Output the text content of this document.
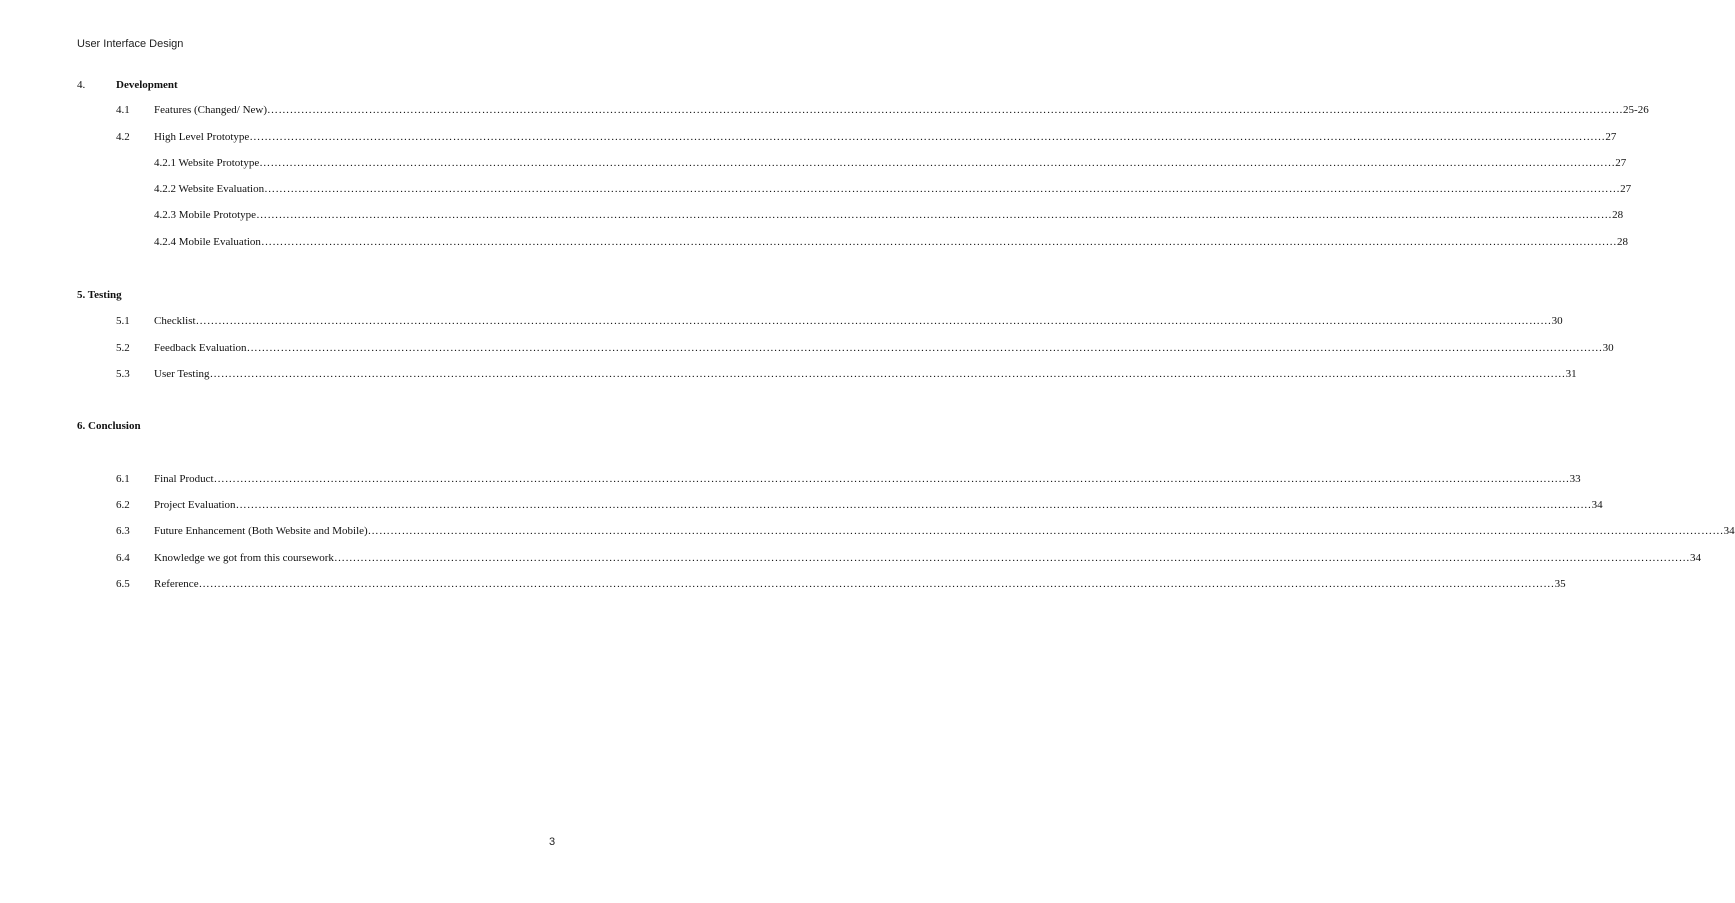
User Interface Design
4.	Development
4.1	Features (Changed/ New) ……………………………………………………………………………………………………………………………………………………………………………………………………………………………………………………………………………………………………………………………… 25-26
4.2	High Level Prototype ……………………………………………………………………………………………………………………………………………………………………………………………………………………………………………………………………………………………………………………………… 27
4.2.1 Website Prototype ……………………………………………………………………………………………………………………………………………………………………………………………………………………………………………………………………………………………………………………………… 27
4.2.2 Website Evaluation ……………………………………………………………………………………………………………………………………………………………………………………………………………………………………………………………………………………………………………………………… 27
4.2.3 Mobile Prototype ……………………………………………………………………………………………………………………………………………………………………………………………………………………………………………………………………………………………………………………………… 28
4.2.4 Mobile Evaluation ……………………………………………………………………………………………………………………………………………………………………………………………………………………………………………………………………………………………………………………………… 28
5. Testing
5.1	Checklist ……………………………………………………………………………………………………………………………………………………………………………………………………………………………………………………………………………………………………………………………… 30
5.2	Feedback Evaluation ……………………………………………………………………………………………………………………………………………………………………………………………………………………………………………………………………………………………………………………………… 30
5.3	User Testing ……………………………………………………………………………………………………………………………………………………………………………………………………………………………………………………………………………………………………………………………… 31
6. Conclusion
6.1	Final Product ……………………………………………………………………………………………………………………………………………………………………………………………………………………………………………………………………………………………………………………………… 33
6.2	Project Evaluation ……………………………………………………………………………………………………………………………………………………………………………………………………………………………………………………………………………………………………………………………… 34
6.3	Future Enhancement (Both Website and Mobile) ……………………………………………………………………………………………………………………………………………………………………………………………………………………………………………………………………………………………………………………………… 34
6.4	Knowledge we got from this coursework ……………………………………………………………………………………………………………………………………………………………………………………………………………………………………………………………………………………………………………………………… 34
6.5	Reference ……………………………………………………………………………………………………………………………………………………………………………………………………………………………………………………………………………………………………………………………… 35
3
